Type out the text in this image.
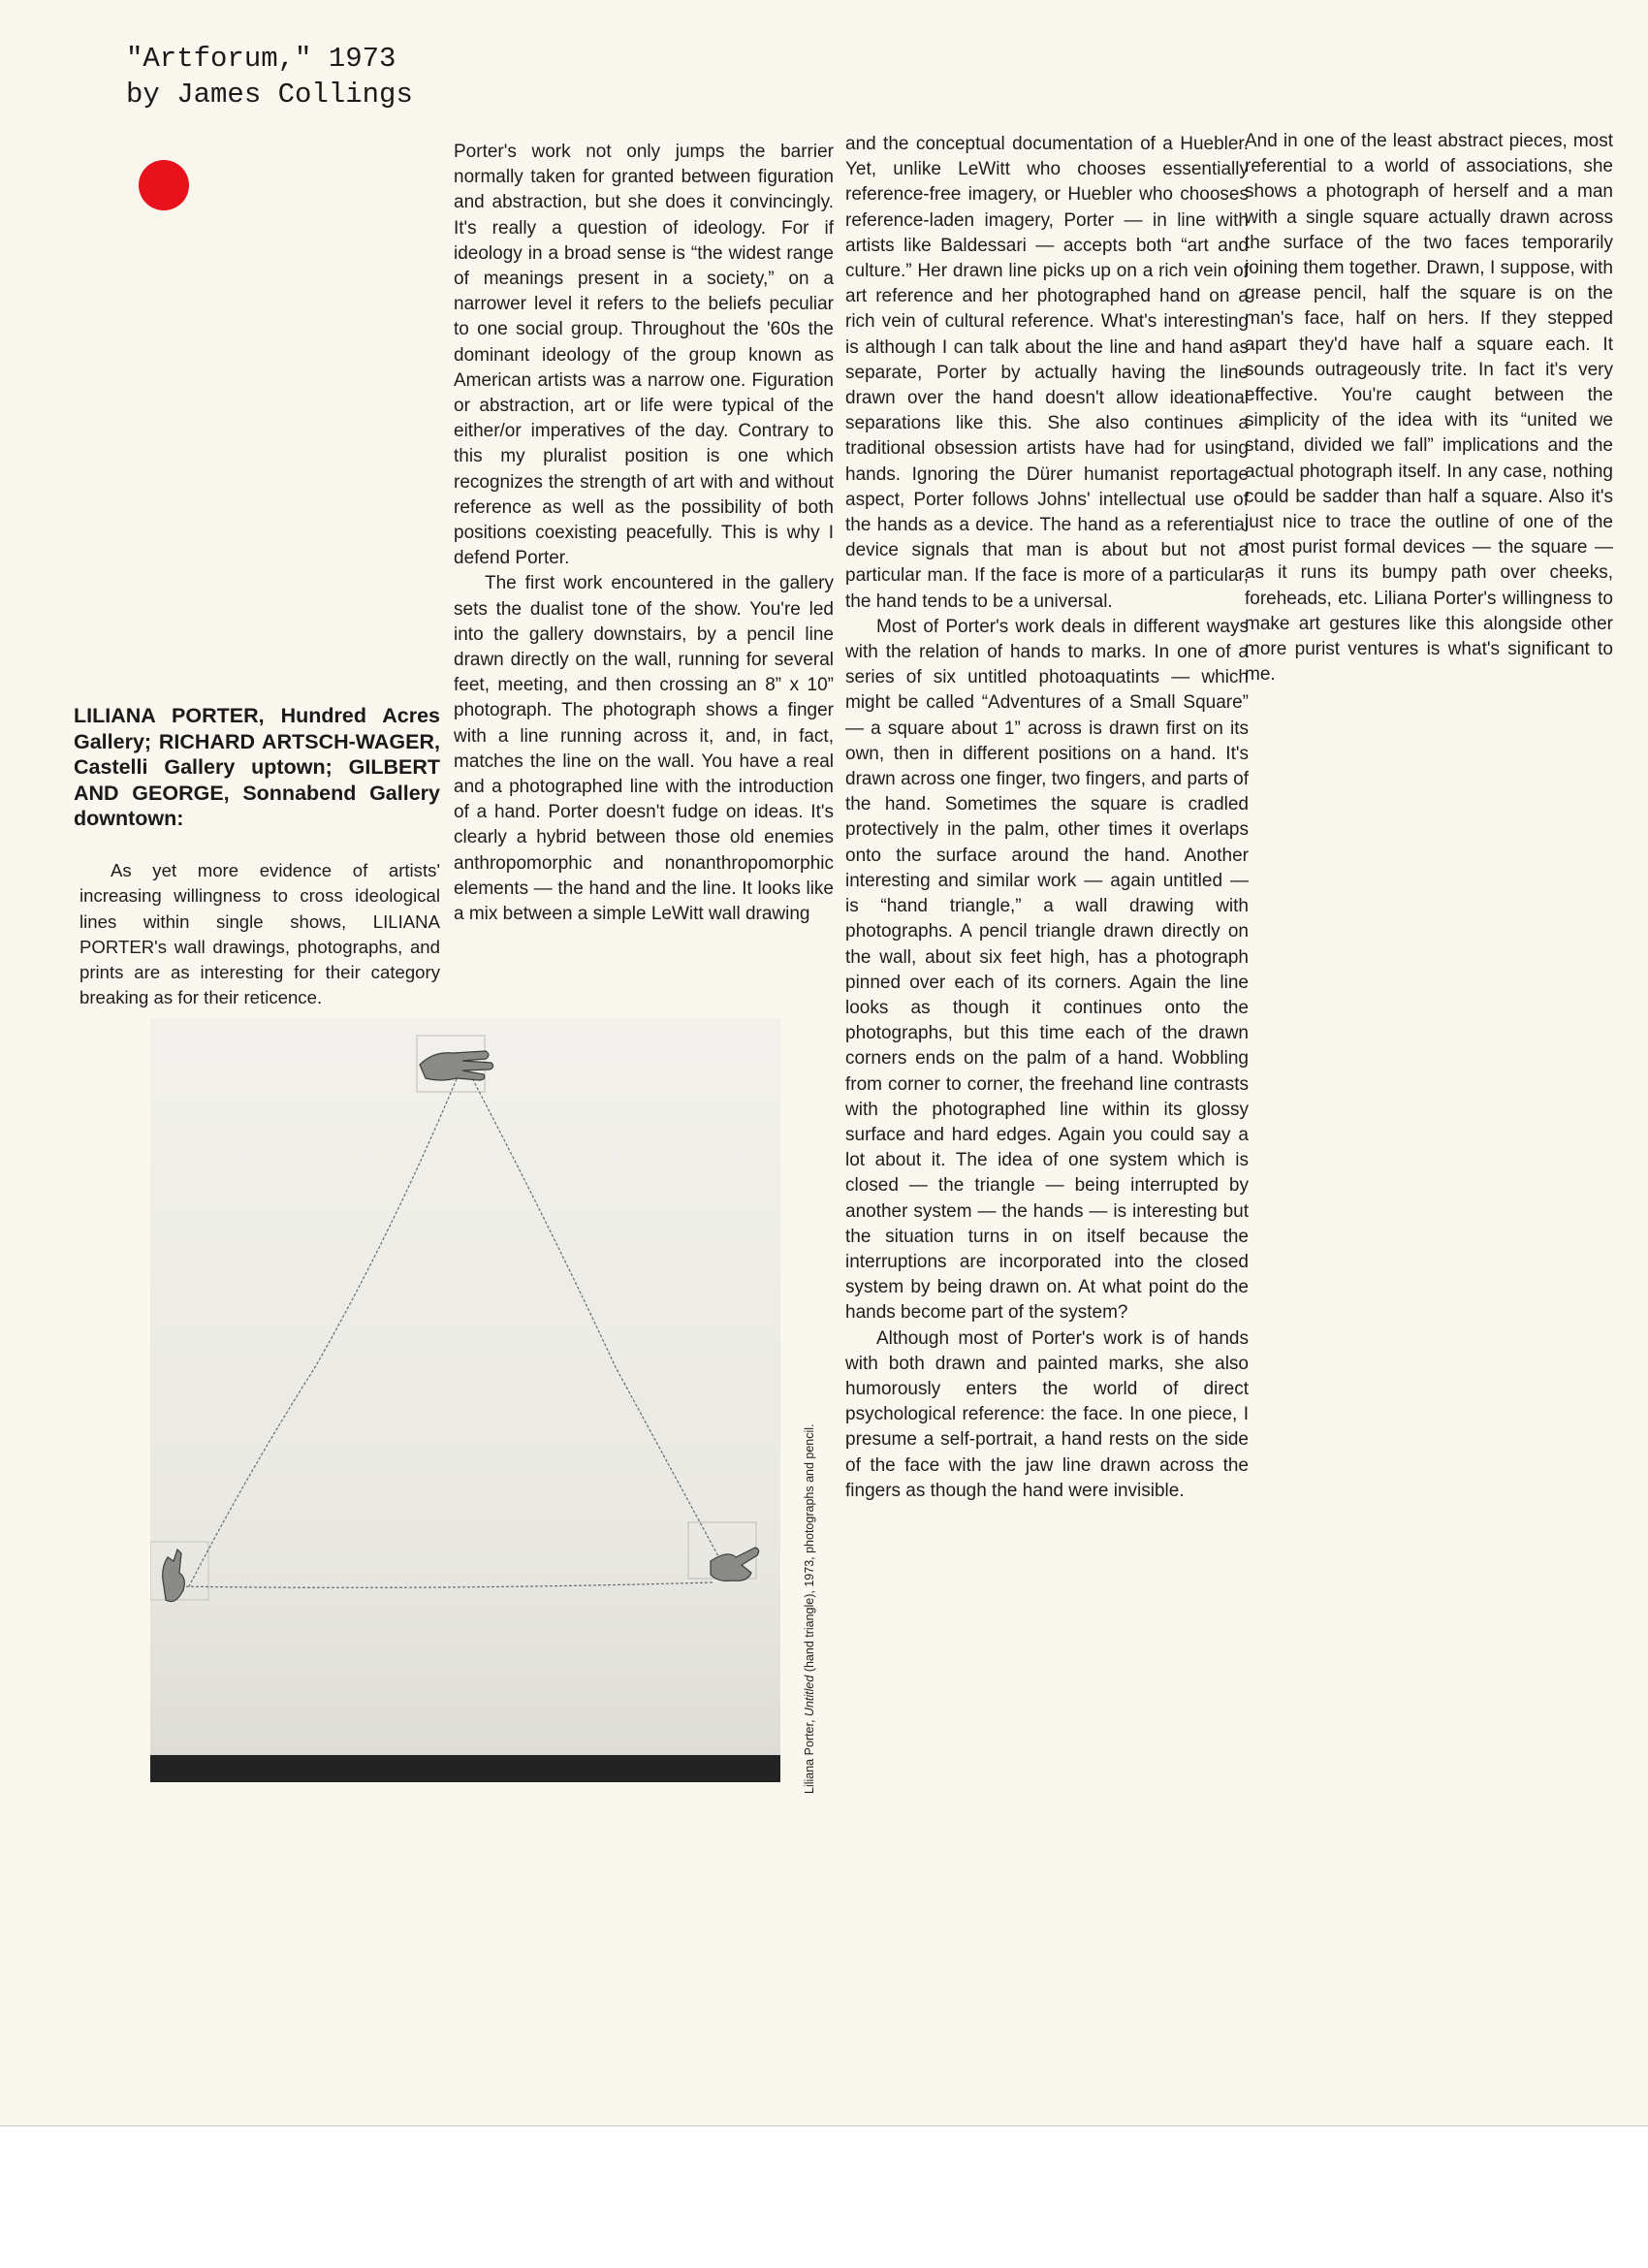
"Artforum," 1973
by James Collings
LILIANA PORTER, Hundred Acres Gallery; RICHARD ARTSCH-WAGER, Castelli Gallery uptown; GILBERT AND GEORGE, Sonnabend Gallery downtown:

As yet more evidence of artists' increasing willingness to cross ideological lines within single shows, LILIANA PORTER's wall drawings, photographs, and prints are as interesting for their category breaking as for their reticence.

Porter's work not only jumps the barrier normally taken for granted between figuration and abstraction, but she does it convincingly. It's really a question of ideology. For if ideology in a broad sense is “the widest range of meanings present in a society,” on a narrower level it refers to the beliefs peculiar to one social group. Throughout the '60s the dominant ideology of the group known as American artists was a narrow one. Figuration or abstraction, art or life were typical of the either/or imperatives of the day. Contrary to this my pluralist position is one which recognizes the strength of art with and without reference as well as the possibility of both positions coexisting peacefully. This is why I defend Porter.

The first work encountered in the gallery sets the dualist tone of the show. You're led into the gallery downstairs, by a pencil line drawn directly on the wall, running for several feet, meeting, and then crossing an 8” x 10” photograph. The photograph shows a finger with a line running across it, and, in fact, matches the line on the wall. You have a real and a photographed line with the introduction of a hand. Porter doesn't fudge on ideas. It's clearly a hybrid between those old enemies anthropomorphic and nonanthropomorphic elements — the hand and the line. It looks like a mix between a simple LeWitt wall drawing

and the conceptual documentation of a Huebler. Yet, unlike LeWitt who chooses essentially reference-free imagery, or Huebler who chooses reference-laden imagery, Porter — in line with artists like Baldessari — accepts both “art and culture.” Her drawn line picks up on a rich vein of art reference and her photographed hand on a rich vein of cultural reference. What's interesting is although I can talk about the line and hand as separate, Porter by actually having the line drawn over the hand doesn't allow ideational separations like this. She also continues a traditional obsession artists have had for using hands. Ignoring the Dürer humanist reportage aspect, Porter follows Johns' intellectual use of the hands as a device. The hand as a referential device signals that man is about but not a particular man. If the face is more of a particular, the hand tends to be a universal.

Most of Porter's work deals in different ways with the relation of hands to marks. In one of a series of six untitled photoaquatints — which might be called “Adventures of a Small Square” — a square about 1” across is drawn first on its own, then in different positions on a hand. It's drawn across one finger, two fingers, and parts of the hand. Sometimes the square is cradled protectively in the palm, other times it overlaps onto the surface around the hand. Another interesting and similar work — again untitled — is “hand triangle,” a wall drawing with photographs. A pencil triangle drawn directly on the wall, about six feet high, has a photograph pinned over each of its corners. Again the line looks as though it continues onto the photographs, but this time each of the drawn corners ends on the palm of a hand. Wobbling from corner to corner, the freehand line contrasts with the photographed line within its glossy surface and hard edges. Again you could say a lot about it. The idea of one system which is closed — the triangle — being interrupted by another system — the hands — is interesting but the situation turns in on itself because the interruptions are incorporated into the closed system by being drawn on. At what point do the hands become part of the system?

Although most of Porter's work is of hands with both drawn and painted marks, she also humorously enters the world of direct psychological reference: the face. In one piece, I presume a self-portrait, a hand rests on the side of the face with the jaw line drawn across the fingers as though the hand were invisible.

And in one of the least abstract pieces, most referential to a world of associations, she shows a photograph of herself and a man with a single square actually drawn across the surface of the two faces temporarily joining them together. Drawn, I suppose, with grease pencil, half the square is on the man's face, half on hers. If they stepped apart they'd have half a square each. It sounds outrageously trite. In fact it's very effective. You're caught between the simplicity of the idea with its “united we stand, divided we fall” implications and the actual photograph itself. In any case, nothing could be sadder than half a square. Also it's just nice to trace the outline of one of the most purist formal devices — the square — as it runs its bumpy path over cheeks, foreheads, etc. Liliana Porter's willingness to make art gestures like this alongside other more purist ventures is what's significant to me.

Liliana Porter, Untitled (hand triangle), 1973, photographs and pencil.
